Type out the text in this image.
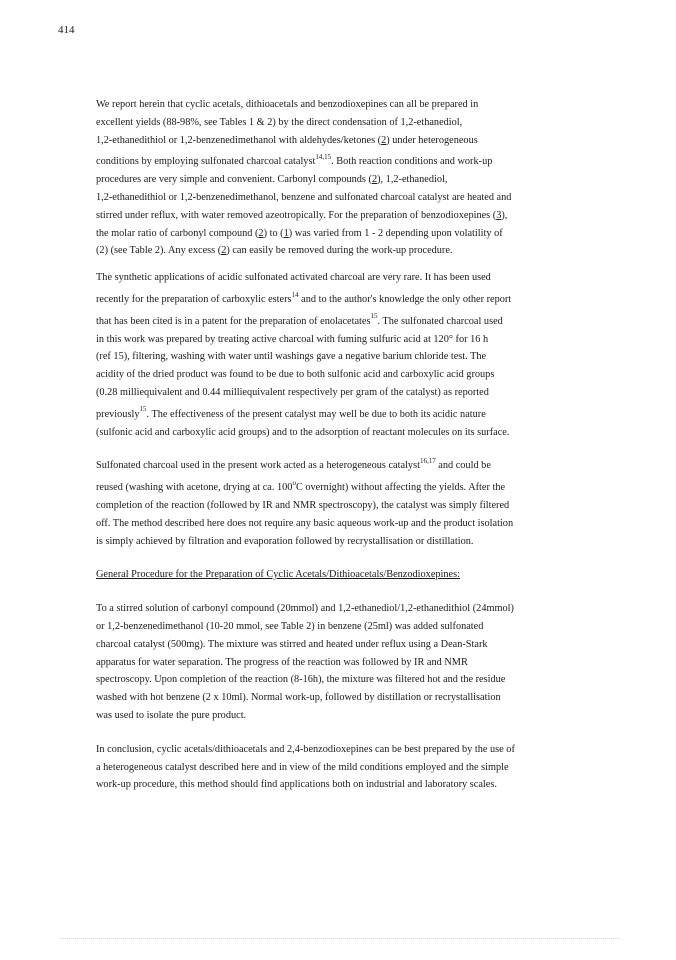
414

We report herein that cyclic acetals, dithioacetals and benzodioxepines can all be prepared in
excellent yields (88-98%, see Tables 1 & 2) by the direct condensation of 1,2-ethanediol,
1,2-ethanedithiol or 1,2-benzenedimethanol with aldehydes/ketones (2) under heterogeneous
conditions by employing sulfonated charcoal catalyst$^{14,15}$. Both reaction conditions and work-up
procedures are very simple and convenient. Carbonyl compounds (2), 1,2-ethanediol,
1,2-ethanedithiol or 1,2-benzenedimethanol, benzene and sulfonated charcoal catalyst are heated and
stirred under reflux, with water removed azeotropically. For the preparation of benzodioxepines (3),
the molar ratio of carbonyl compound (2) to (1) was varied from 1 - 2 depending upon volatility of
(2) (see Table 2). Any excess (2) can easily be removed during the work-up procedure.

The synthetic applications of acidic sulfonated activated charcoal are very rare. It has been used
recently for the preparation of carboxylic esters$^{14}$ and to the author's knowledge the only other report
that has been cited is in a patent for the preparation of enolacetates$^{15}$. The sulfonated charcoal used
in this work was prepared by treating active charcoal with fuming sulfuric acid at 120° for 16 h
(ref 15), filtering, washing with water until washings gave a negative barium chloride test. The
acidity of the dried product was found to be due to both sulfonic acid and carboxylic acid groups
(0.28 milliequivalent and 0.44 milliequivalent respectively per gram of the catalyst) as reported
previously$^{15}$. The effectiveness of the present catalyst may well be due to both its acidic nature
(sulfonic acid and carboxylic acid groups) and to the adsorption of reactant molecules on its surface.

Sulfonated charcoal used in the present work acted as a heterogeneous catalyst$^{16,17}$ and could be
reused (washing with acetone, drying at ca. 100$^o$C overnight) without affecting the yields. After the
completion of the reaction (followed by IR and NMR spectroscopy), the catalyst was simply filtered
off. The method described here does not require any basic aqueous work-up and the product isolation
is simply achieved by filtration and evaporation followed by recrystallisation or distillation.

General Procedure for the Preparation of Cyclic Acetals/Dithioacetals/Benzodioxepines:

To a stirred solution of carbonyl compound (20mmol) and 1,2-ethanediol/1,2-ethanedithiol (24mmol)
or 1,2-benzenedimethanol (10-20 mmol, see Table 2) in benzene (25ml) was added sulfonated
charcoal catalyst (500mg). The mixture was stirred and heated under reflux using a Dean-Stark
apparatus for water separation. The progress of the reaction was followed by IR and NMR
spectroscopy. Upon completion of the reaction (8-16h), the mixture was filtered hot and the residue
washed with hot benzene (2 x 10ml). Normal work-up, followed by distillation or recrystallisation
was used to isolate the pure product.

In conclusion, cyclic acetals/dithioacetals and 2,4-benzodioxepines can be best prepared by the use of
a heterogeneous catalyst described here and in view of the mild conditions employed and the simple
work-up procedure, this method should find applications both on industrial and laboratory scales.
